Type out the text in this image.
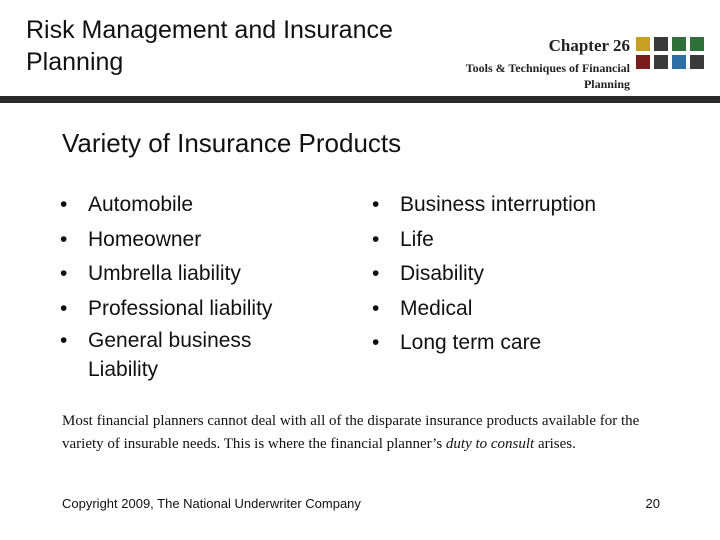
Risk Management and Insurance Planning
Chapter 26
Tools & Techniques of Financial Planning
Variety of Insurance Products
• Automobile
• Homeowner
• Umbrella liability
• Professional liability
• General business Liability
• Business interruption
• Life
• Disability
• Medical
• Long term care
Most financial planners cannot deal with all of the disparate insurance products available for the variety of insurable needs. This is where the financial planner’s duty to consult arises.
Copyright 2009, The National Underwriter Company	20
